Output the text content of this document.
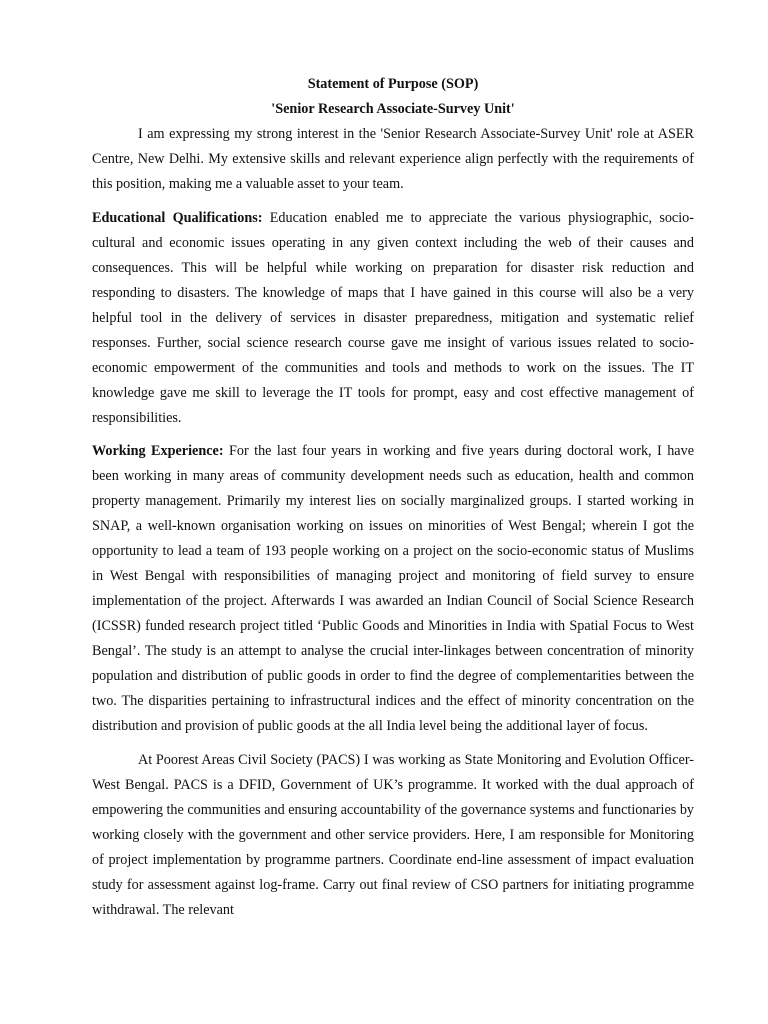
Statement of Purpose (SOP)

'Senior Research Associate-Survey Unit'

I am expressing my strong interest in the 'Senior Research Associate-Survey Unit' role at ASER Centre, New Delhi. My extensive skills and relevant experience align perfectly with the requirements of this position, making me a valuable asset to your team.

Educational Qualifications: Education enabled me to appreciate the various physiographic, socio-cultural and economic issues operating in any given context including the web of their causes and consequences. This will be helpful while working on preparation for disaster risk reduction and responding to disasters. The knowledge of maps that I have gained in this course will also be a very helpful tool in the delivery of services in disaster preparedness, mitigation and systematic relief responses. Further, social science research course gave me insight of various issues related to socio-economic empowerment of the communities and tools and methods to work on the issues. The IT knowledge gave me skill to leverage the IT tools for prompt, easy and cost effective management of responsibilities.

Working Experience: For the last four years in working and five years during doctoral work, I have been working in many areas of community development needs such as education, health and common property management. Primarily my interest lies on socially marginalized groups. I started working in SNAP, a well-known organisation working on issues on minorities of West Bengal; wherein I got the opportunity to lead a team of 193 people working on a project on the socio-economic status of Muslims in West Bengal with responsibilities of managing project and monitoring of field survey to ensure implementation of the project. Afterwards I was awarded an Indian Council of Social Science Research (ICSSR) funded research project titled ‘Public Goods and Minorities in India with Spatial Focus to West Bengal’. The study is an attempt to analyse the crucial inter-linkages between concentration of minority population and distribution of public goods in order to find the degree of complementarities between the two. The disparities pertaining to infrastructural indices and the effect of minority concentration on the distribution and provision of public goods at the all India level being the additional layer of focus.

At Poorest Areas Civil Society (PACS) I was working as State Monitoring and Evolution Officer-West Bengal. PACS is a DFID, Government of UK’s programme. It worked with the dual approach of empowering the communities and ensuring accountability of the governance systems and functionaries by working closely with the government and other service providers. Here, I am responsible for Monitoring of project implementation by programme partners. Coordinate end-line assessment of impact evaluation study for assessment against log-frame. Carry out final review of CSO partners for initiating programme withdrawal. The relevant
